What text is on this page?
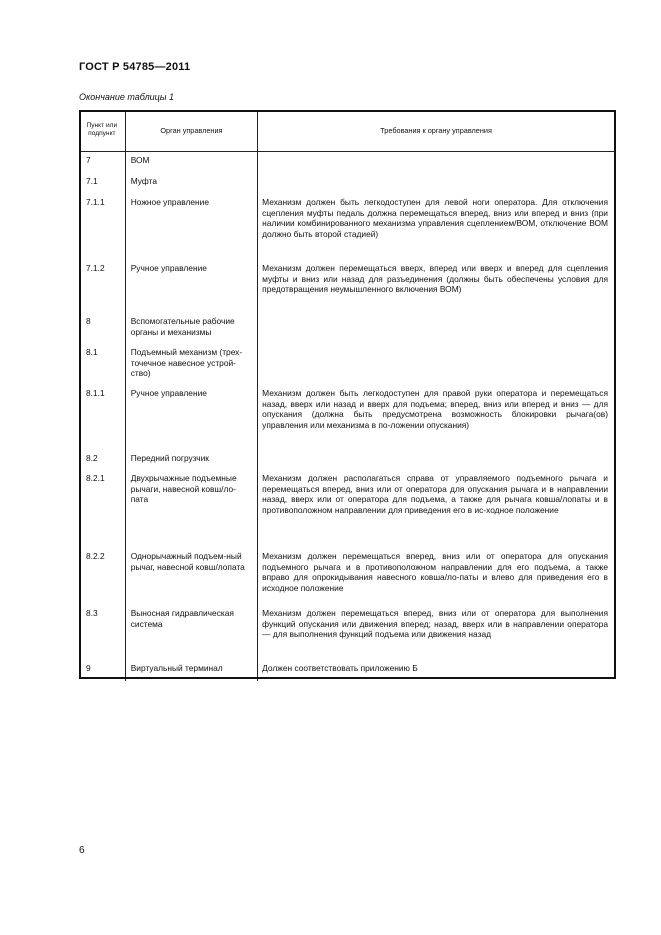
ГОСТ Р 54785—2011

Окончание таблицы 1

Пункт или подпункт	Орган управления	Требования к органу управления
7	ВОМ	
7.1	Муфта	
7.1.1	Ножное управление	Механизм должен быть легкодоступен для левой ноги оператора. Для отключения сцепления муфты педаль должна перемещаться вперед, вниз или вперед и вниз (при наличии комбинированного механизма управления сцеплением/ВОМ, отключение ВОМ должно быть второй стадией)
7.1.2	Ручное управление	Механизм должен перемещаться вверх, вперед или вверх и вперед для сцепления муфты и вниз или назад для разъединения (должны быть обеспечены условия для предотвращения неумышленного включения ВОМ)
8	Вспомогательные рабочие органы и механизмы	
8.1	Подъемный механизм (трех-точечное навесное устрой-ство)	
8.1.1	Ручное управление	Механизм должен быть легкодоступен для правой руки оператора и перемещаться назад, вверх или назад и вверх для подъема; вперед, вниз или вперед и вниз — для опускания (должна быть предусмотрена возможность блокировки рычага(ов) управления или механизма в по-ложении опускания)
8.2	Передний погрузчик	
8.2.1	Двухрычажные подъемные рычаги, навесной ковш/ло-пата	Механизм должен располагаться справа от управляемого подъемного рычага и перемещаться вперед, вниз или от оператора для опускания рычага и в направлении назад, вверх или от оператора для подъема, а также для рычага ковша/лопаты и в противоположном направлении для приведения его в ис-ходное положение
8.2.2	Однорычажный подъем-ный рычаг, навесной ковш/лопата	Механизм должен перемещаться вперед, вниз или от оператора для опускания подъемного рычага и в противоположном направлении для его подъема, а также вправо для опрокидывания навесного ковша/ло-паты и влево для приведения его в исходное положение
8.3	Выносная гидравлическая система	Механизм должен перемещаться вперед, вниз или от оператора для выполнения функций опускания или движения вперед; назад, вверх или в направлении оператора — для выполнения функций подъема или движения назад
9	Виртуальный терминал	Должен соответствовать приложению Б

6
